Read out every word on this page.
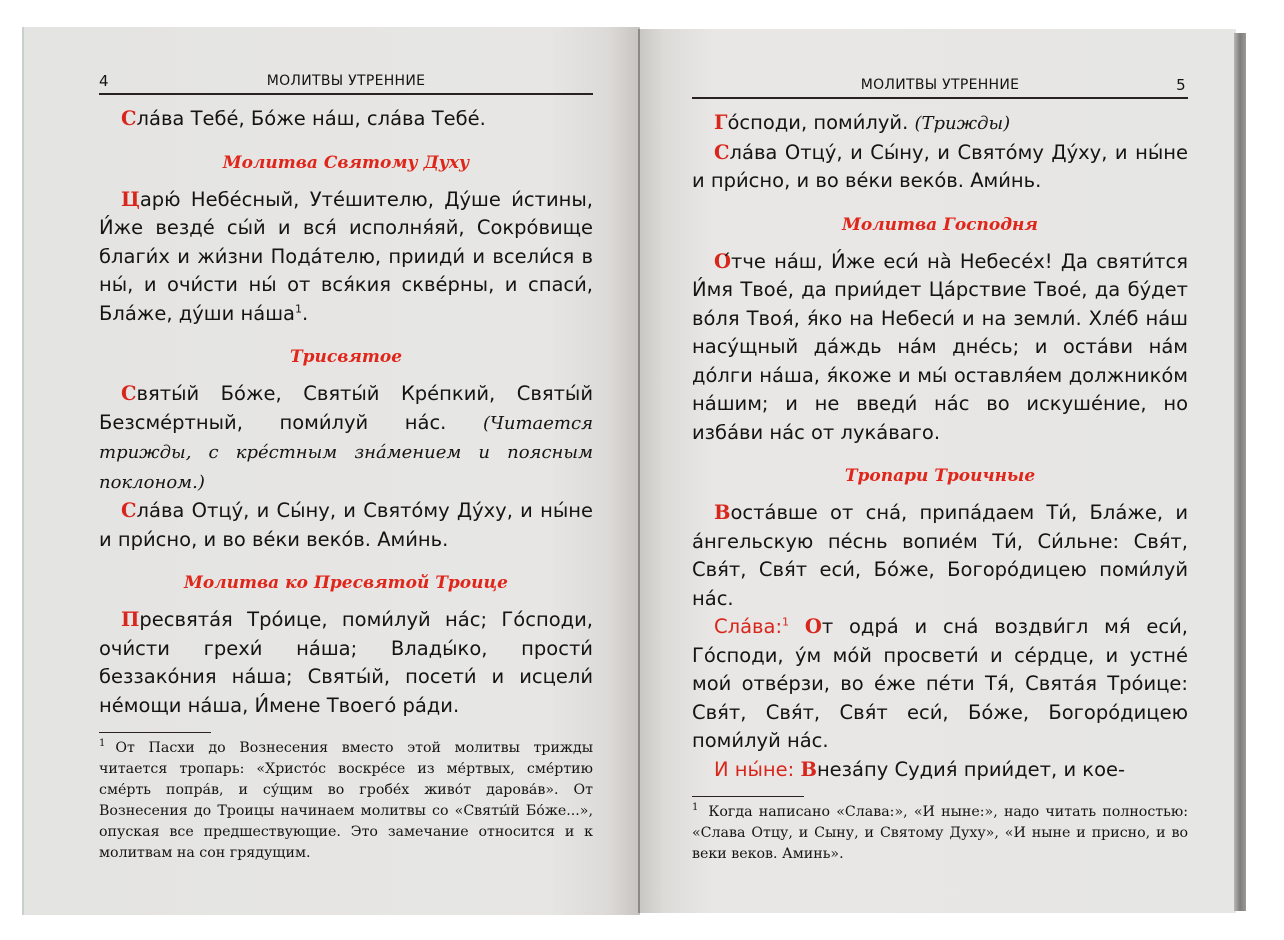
4	МОЛИТВЫ УТРЕННИЕ

Сла́ва Тебе́, Бо́же на́ш, сла́ва Тебе́.

Молитва Святому Духу

Царю́ Небе́сный, Уте́шителю, Ду́ше и́стины, И́же везде́ сы́й и вся́ исполня́яй, Сокро́вище благи́х и жи́зни Пода́телю, прииди́ и всели́ся в ны́, и очи́сти ны́ от вся́кия скве́рны, и спаси́, Бла́же, ду́ши $на́ша^1$.

Трисвятое

Святы́й Бо́же, Святы́й Кре́пкий, Святы́й Безсме́ртный, поми́луй на́с. (Читается трижды, с кре́стным зна́мением и поясным поклоном.)

Сла́ва Отцу́, и Сы́ну, и Свято́му Ду́ху, и ны́не и при́сно, и во ве́ки веко́в. Ами́нь.

Молитва ко Пресвятой Троице

Пресвята́я Тро́ице, поми́луй на́с; Го́споди, очи́сти грехи́ на́ша; Влады́ко, прости́ беззако́ния на́ша; Святы́й, посети́ и исцели́ не́мощи на́ша, И́мене Твоего́ ра́ди.

$^1$ От Пасхи до Вознесения вместо этой молитвы трижды читается тропарь: «Христо́с воскре́се из ме́ртвых, сме́ртию сме́рть попра́в, и су́щим во гробе́х живо́т дарова́в». От Вознесения до Троицы начинаем молитвы со «Святы́й Бо́же...», опуская все предшествующие. Это замечание относится и к молитвам на сон грядущим.
МОЛИТВЫ УТРЕННИЕ	5

Го́споди, поми́луй. (Трижды)

Сла́ва Отцу́, и Сы́ну, и Свято́му Ду́ху, и ны́не и при́сно, и во ве́ки веко́в. Ами́нь.

Молитва Господня

О́тче на́ш, И́же еси́ на̀ Небесе́х! Да святи́тся И́мя Твое́, да прии́дет Ца́рствие Твое́, да бу́дет во́ля Твоя́, я́ко на Небеси́ и на земли́. Хле́б на́ш насу́щный да́ждь на́м дне́сь; и оста́ви на́м до́лги на́ша, я́коже и мы́ оставля́ем должнико́м на́шим; и не введи́ на́с во искуше́ние, но изба́ви на́с от лука́ваго.

Тропари Троичные

Воста́вше от сна́, припа́даем Ти́, Бла́же, и а́нгельскую пе́снь вопие́м Ти́, Си́льне: Свя́т, Свя́т, Свя́т еси́, Бо́же, Богоро́дицею поми́луй на́с.

Сла́ва:$^1$ От одра́ и сна́ воздви́гл мя́ еси́, Го́споди, у́м мо́й просвети́ и се́рдце, и устне́ мои́ отве́рзи, во е́же пе́ти Тя́, Свята́я Тро́ице: Свя́т, Свя́т, Свя́т еси́, Бо́же, Богоро́дицею поми́луй на́с.

И ны́не: Внеза́пу Судия́ прии́дет, и кое-

$^1$ Когда написано «Слава:», «И ныне:», надо читать полностью: «Слава Отцу, и Сыну, и Святому Духу», «И ныне и присно, и во веки веков. Аминь».
